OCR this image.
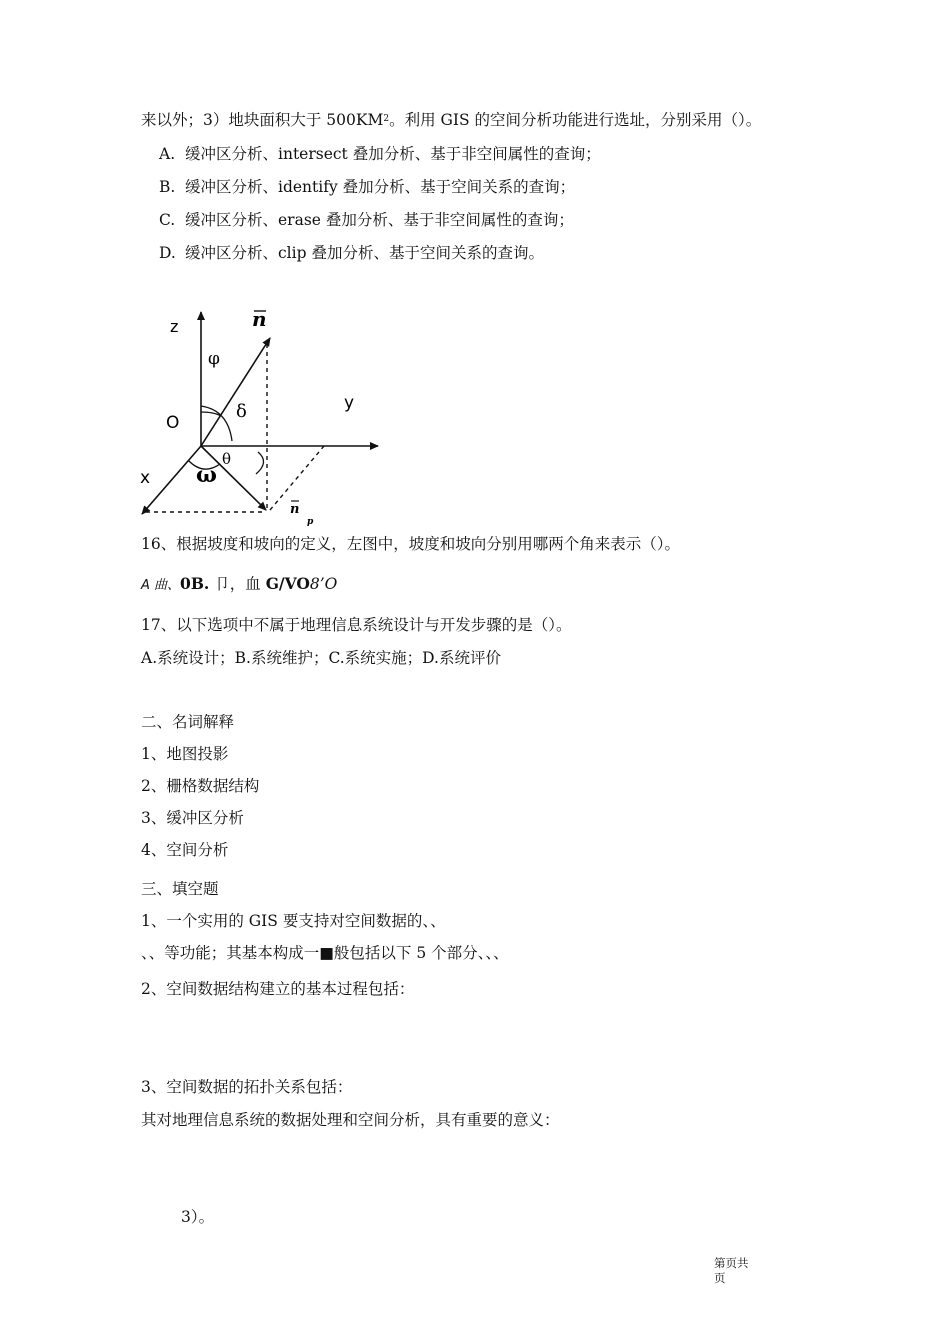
来以外；3）地块面积大于 $500KM^2$。利用 GIS 的空间分析功能进行选址，分别采用（）。
A. 缓冲区分析、intersect 叠加分析、基于非空间属性的查询；
B. 缓冲区分析、identify 叠加分析、基于空间关系的查询；
C. 缓冲区分析、erase 叠加分析、基于非空间属性的查询；
D. 缓冲区分析、clip 叠加分析、基于空间关系的查询。
z
y
x
O
φ
δ
θ
ω
n
n
p
16、根据坡度和坡向的定义，左图中，坡度和坡向分别用哪两个角来表示（）。
A 曲、0B. 卩，血 G/VO8’O
17、以下选项中不属于地理信息系统设计与开发步骤的是（）。
A.系统设计；B.系统维护；C.系统实施；D.系统评价
二、名词解释
1、地图投影
2、栅格数据结构
3、缓冲区分析
4、空间分析
三、填空题
1、一个实用的 GIS 要支持对空间数据的、、
、、等功能；其基本构成一■般包括以下 5 个部分、、、
2、空间数据结构建立的基本过程包括：
3、空间数据的拓扑关系包括：
其对地理信息系统的数据处理和空间分析，具有重要的意义：
3）。
第页共
页
